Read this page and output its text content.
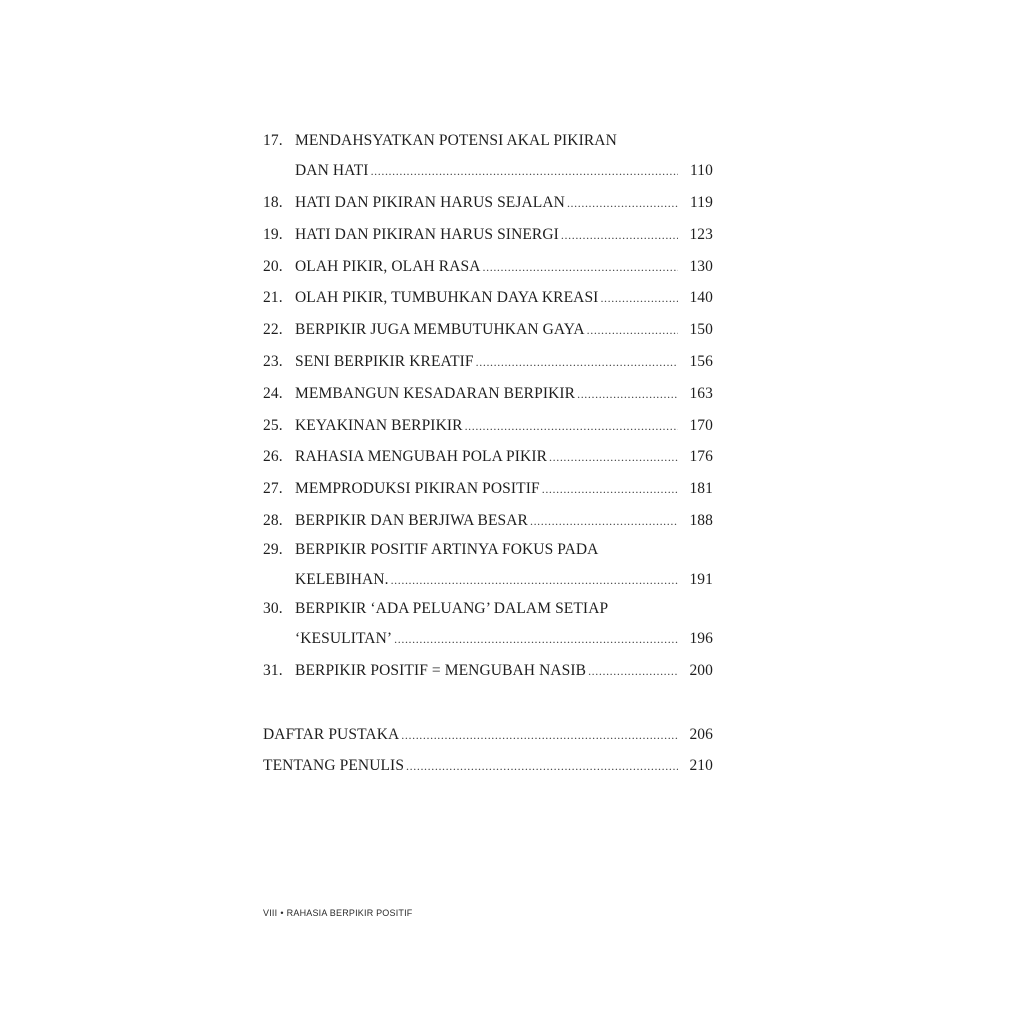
17. MENDAHSYATKAN POTENSI AKAL PIKIRAN
DAN HATI .....	110
18. HATI DAN PIKIRAN HARUS SEJALAN .....	119
19. HATI DAN PIKIRAN HARUS SINERGI .....	123
20. OLAH PIKIR, OLAH RASA .....	130
21. OLAH PIKIR, TUMBUHKAN DAYA KREASI .....	140
22. BERPIKIR JUGA MEMBUTUHKAN GAYA .....	150
23. SENI BERPIKIR KREATIF .....	156
24. MEMBANGUN KESADARAN BERPIKIR .....	163
25. KEYAKINAN BERPIKIR .....	170
26. RAHASIA MENGUBAH POLA PIKIR .....	176
27. MEMPRODUKSI PIKIRAN POSITIF .....	181
28. BERPIKIR DAN BERJIWA BESAR .....	188
29. BERPIKIR POSITIF ARTINYA FOKUS PADA
KELEBIHAN. .....	191
30. BERPIKIR ‘ADA PELUANG’ DALAM SETIAP
‘KESULITAN’ .....	196
31. BERPIKIR POSITIF = MENGUBAH NASIB .....	200
DAFTAR PUSTAKA .....	206
TENTANG PENULIS .....	210
VIII • RAHASIA BERPIKIR POSITIF
